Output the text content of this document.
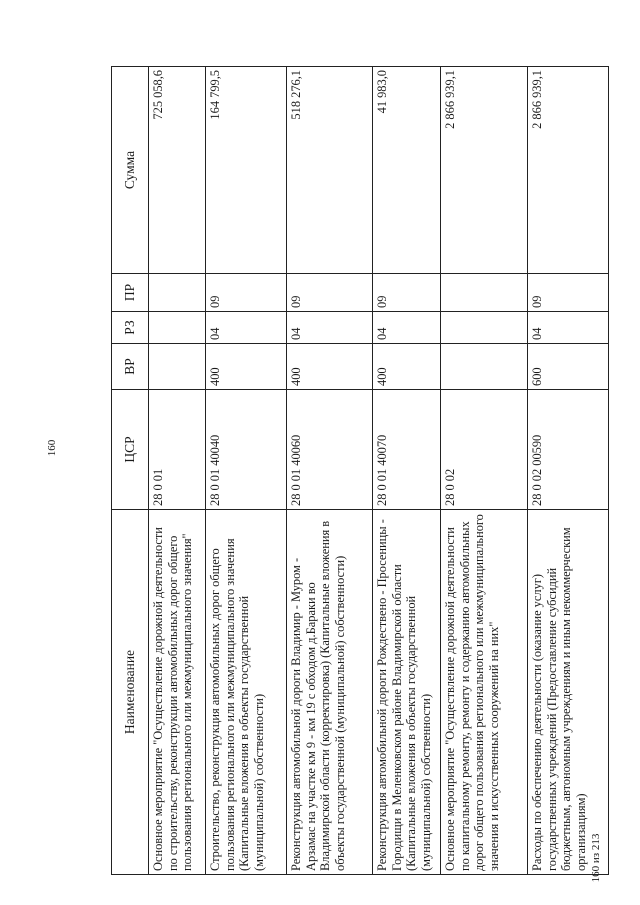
160
Наименование	ЦСР	ВР	РЗ	ПР	Сумма
Основное мероприятие "Осуществление дорожной деятельности по строительству, реконструкции автомобильных дорог общего пользования регионального или межмуниципального значения"	28 0 01				725 058,6
Строительство, реконструкция автомобильных дорог общего пользования регионального или межмуниципального значения (Капитальные вложения в объекты государственной (муниципальной) собственности)	28 0 01 40040	400	04	09	164 799,5
Реконструкция автомобильной дороги Владимир - Муром - Арзамас на участке км 9 - км 19 с обходом д.Бараки во Владимирской области (корректировка) (Капитальные вложения в объекты государственной (муниципальной) собственности)	28 0 01 40060	400	04	09	518 276,1
Реконструкция автомобильной дороги Рождествено - Просеницы - Городищи в Меленковском районе Владимирской области (Капитальные вложения в объекты государственной (муниципальной) собственности)	28 0 01 40070	400	04	09	41 983,0
Основное мероприятие "Осуществление дорожной деятельности по капитальному ремонту, ремонту и содержанию автомобильных дорог общего пользования регионального или межмуниципального значения и искусственных сооружений на них"	28 0 02				2 866 939,1
Расходы по обеспечению деятельности (оказание услуг) государственных учреждений (Предоставление субсидий бюджетным, автономным учреждениям и иным некоммерческим организациям)	28 0 02 00590	600	04	09	2 866 939,1
160 из 213
